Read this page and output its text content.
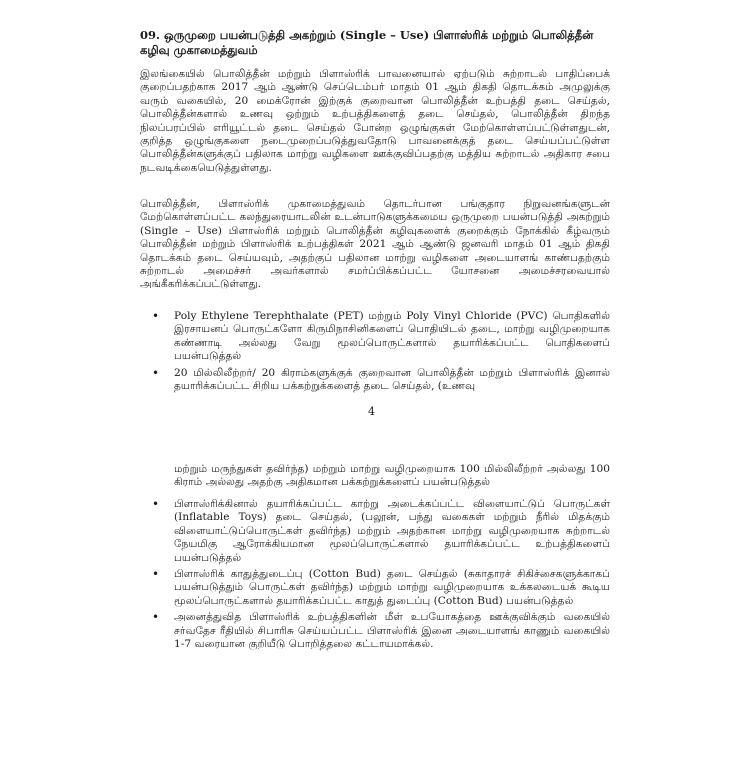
09. ஒருமுறை பயன்படுத்தி அகற்றும் (Single – Use) பிளாஸ்ரிக் மற்றும் பொலித்தீன் கழிவு முகாமைத்துவம்
இலங்கையில் பொலித்தீன் மற்றும் பிளாஸ்ரிக் பாவனையால் ஏற்படும் சுற்றாடல் பாதிப்பைக் குறைப்பதற்காக 2017 ஆம் ஆண்டு செப்டெம்பர் மாதம் 01 ஆம் திகதி தொடக்கம் அமுலுக்கு வரும் வகையில், 20 மைக்ரோன் இற்குக் குறைவான பொலித்தீன் உற்பத்தி தடை செய்தல், பொலித்தீன்களால் உணவு ஒற்றும் உற்பத்திகளைத் தடை செய்தல், பொலித்தீன் திறந்த நிலப்பரப்பில் எரியூட்டல் தடை செய்தல் போன்ற ஒழுங்குகள் மேற்கொள்ளப்பட்டுள்ளதுடன், குறித்த ஒழுங்குகளை நடைமுறைப்படுத்துவதோடு பாவனைக்குத் தடை செய்யப்பட்டுள்ள பொலித்தீன்களுக்குப் பதிலாக மாற்று வழிகளை ஊக்குவிப்பதற்கு மத்திய சுற்றாடல் அதிகார சபை நடவடிக்கையெடுத்துள்ளது.
பொலித்தீன், பிளாஸ்ரிக் முகாமைத்துவம் தொடர்பான பங்குதார நிறுவனங்களுடன் மேற்கொள்ளப்பட்ட கலந்துரையாடலின் உடன்பாடுகளுக்கமைய ஒருமுறை பயன்படுத்தி அகற்றும் (Single – Use) பிளாஸ்ரிக் மற்றும் பொலித்தீன் கழிவுகளைக் குறைக்கும் நோக்கில் கீழ்வரும் பொலித்தீன் மற்றும் பிளாஸ்ரிக் உற்பத்திகள் 2021 ஆம் ஆண்டு ஜனவரி மாதம் 01 ஆம் திகதி தொடக்கம் தடை செய்யவும், அதற்குப் பதிலான மாற்று வழிகளை அடையாளங் காண்பதற்கும் சுற்றாடல் அமைச்சர் அவர்களால் சமர்ப்பிக்கப்பட்ட யோசனை அமைச்சரவையால் அங்கீகரிக்கப்பட்டுள்ளது.
• Poly Ethylene Terephthalate (PET) மற்றும் Poly Vinyl Chloride (PVC) பொதிகளில் இரசாயனப் பொருட்களோ கிருமிநாசினிகளைப் பொதியிடல் தடை, மாற்று வழிமுறையாக கண்ணாடி அல்லது வேறு மூலப்பொருட்களால் தயாரிக்கப்பட்ட பொதிகளைப் பயன்படுத்தல்
• 20 மில்லிலீற்றர்/ 20 கிராம்களுக்குக் குறைவான பொலித்தீன் மற்றும் பிளாஸ்ரிக் இனால் தயாரிக்கப்பட்ட சிறிய பக்கற்றுக்களைத் தடை செய்தல், (உணவு
4
மற்றும் மருந்துகள் தவிர்ந்த) மற்றும் மாற்று வழிமுறையாக 100 மில்லிலீற்றர் அல்லது 100 கிராம் அல்லது அதற்கு அதிகமான பக்கற்றுக்களைப் பயன்படுத்தல்
• பிளாஸ்ரிக்கினால் தயாரிக்கப்பட்ட காற்று அடைக்கப்பட்ட விளையாட்டுப் பொருட்கள் (Inflatable Toys) தடை செய்தல், (பலூன், பந்து வகைகள் மற்றும் நீரில் மிதக்கும் விளையாட்டுப்பொருட்கள் தவிர்ந்த) மற்றும் அதற்கான மாற்று வழிமுறையாக சுற்றாடல் நேயமிகு ஆரோக்கியமான மூலப்பொருட்களால் தயாரிக்கப்பட்ட உற்பத்திகளைப் பயன்படுத்தல்
• பிளாஸ்ரிக் காதுத்துடைப்பு (Cotton Bud) தடை செய்தல் (சுகாதாரச் சிகிச்சைகளுக்காகப் பயன்படுத்தும் பொருட்கள் தவிர்ந்த) மற்றும் மாற்று வழிமுறையாக உக்கலடையக் கூடிய மூலப்பொருட்களால் தயாரிக்கப்பட்ட காதுத் துடைப்பு (Cotton Bud) பயன்படுத்தல்
• அனைத்துவித பிளாஸ்ரிக் உற்பத்திகளின் மீள் உபயோகத்தை ஊக்குவிக்கும் வகையில் சர்வதேச ரீதியில் சிபாரிசு செய்யப்பட்ட பிளாஸ்ரிக் இனை அடையாளங் காணும் வகையில் 1-7 வரையான குறியீடு பொறித்தலை கட்டாயமாக்கல்.
